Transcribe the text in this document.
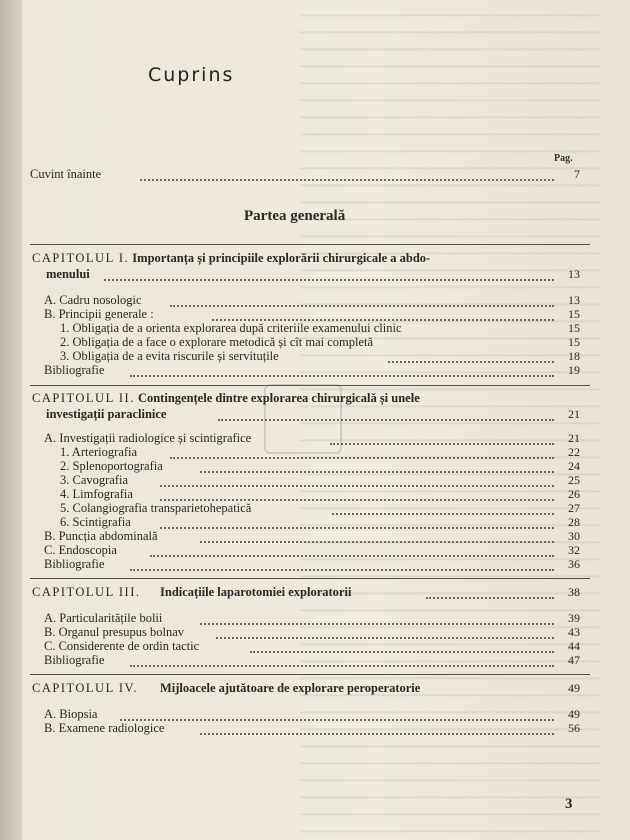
Cuprins
Pag.
Cuvint înainte	7
Partea generală
CAPITOLUL I. Importanța și principiile explorării chirurgicale a abdo-
menului	13
A. Cadru nosologic	13
B. Principii generale :	15
1. Obligația de a orienta explorarea după criteriile examenului clinic	15
2. Obligația de a face o explorare metodică și cît mai completă	15
3. Obligația de a evita riscurile și servituțile	18
Bibliografie	19
CAPITOLUL II. Contingențele dintre explorarea chirurgicală și unele
investigații paraclinice	21
A. Investigații radiologice și scintigrafice	21
1. Arteriografia	22
2. Splenoportografia	24
3. Cavografia	25
4. Limfografia	26
5. Colangiografia transparietohepatică	27
6. Scintigrafia	28
B. Puncția abdominală	30
C. Endoscopia	32
Bibliografie	36
CAPITOLUL III. Indicațiile laparotomiei exploratorii	38
A. Particularitățile bolii	39
B. Organul presupus bolnav	43
C. Considerente de ordin tactic	44
Bibliografie	47
CAPITOLUL IV. Mijloacele ajutătoare de explorare peroperatorie	49
A. Biopsia	49
B. Examene radiologice	56
3
